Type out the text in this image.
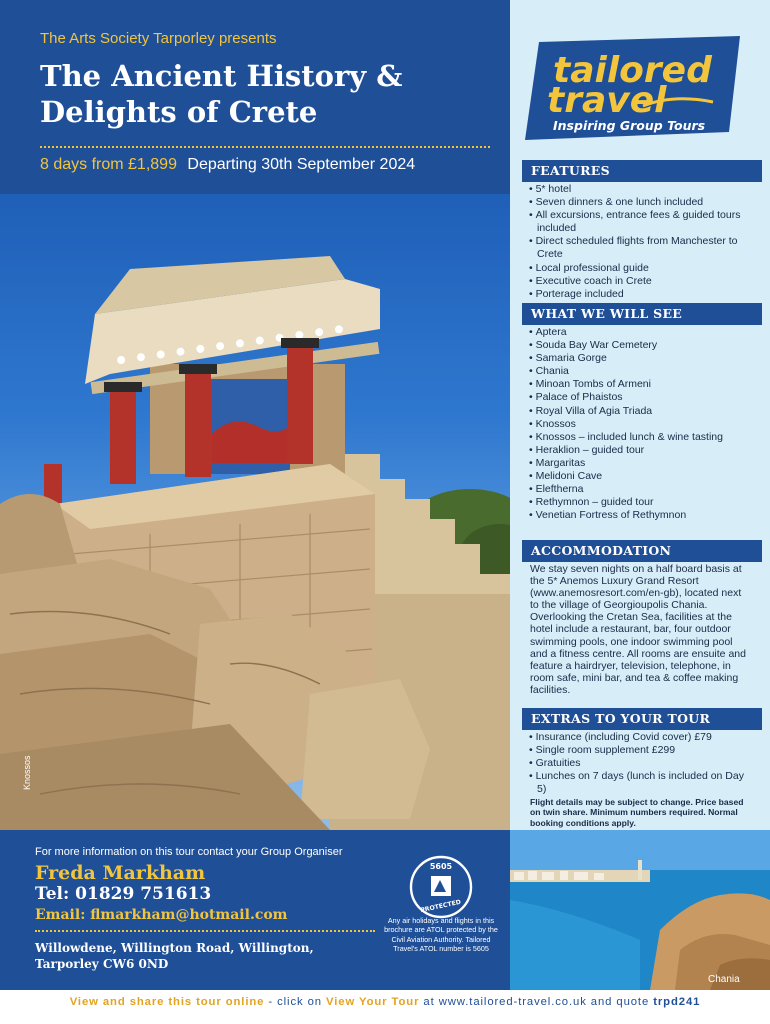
The Arts Society Tarporley presents
The Ancient History & Delights of Crete
8 days from £1,899 Departing 30th September 2024
Knossos
tailored
travel
Inspiring Group Tours
FEATURES
• 5* hotel
• Seven dinners & one lunch included
• All excursions, entrance fees & guided tours included
• Direct scheduled flights from Manchester to Crete
• Local professional guide
• Executive coach in Crete
• Porterage included
WHAT WE WILL SEE
• Aptera
• Souda Bay War Cemetery
• Samaria Gorge
• Chania
• Minoan Tombs of Armeni
• Palace of Phaistos
• Royal Villa of Agia Triada
• Knossos
• Knossos – included lunch & wine tasting
• Heraklion – guided tour
• Margaritas
• Melidoni Cave
• Eleftherna
• Rethymnon – guided tour
• Venetian Fortress of Rethymnon
ACCOMMODATION
We stay seven nights on a half board basis at the 5* Anemos Luxury Grand Resort (www.anemosresort.com/en-gb), located next to the village of Georgioupolis Chania. Overlooking the Cretan Sea, facilities at the hotel include a restaurant, bar, four outdoor swimming pools, one indoor swimming pool and a fitness centre. All rooms are ensuite and feature a hairdryer, television, telephone, in room safe, mini bar, and tea & coffee making facilities.
EXTRAS TO YOUR TOUR
• Insurance (including Covid cover) £79
• Single room supplement £299
• Gratuities
• Lunches on 7 days (lunch is included on Day 5)
Flight details may be subject to change. Price based on twin share. Minimum numbers required. Normal booking conditions apply.
For more information on this tour contact your Group Organiser
Freda Markham
Tel: 01829 751613
Email: flmarkham@hotmail.com
Willowdene, Willington Road, Willington,
Tarporley CW6 0ND
5605
PROTECTED
Any air holidays and flights in this brochure are ATOL protected by the Civil Aviation Authority. Tailored Travel's ATOL number is 5605
Chania
View and share this tour online - click on View Your Tour at www.tailored-travel.co.uk and quote trpd241
